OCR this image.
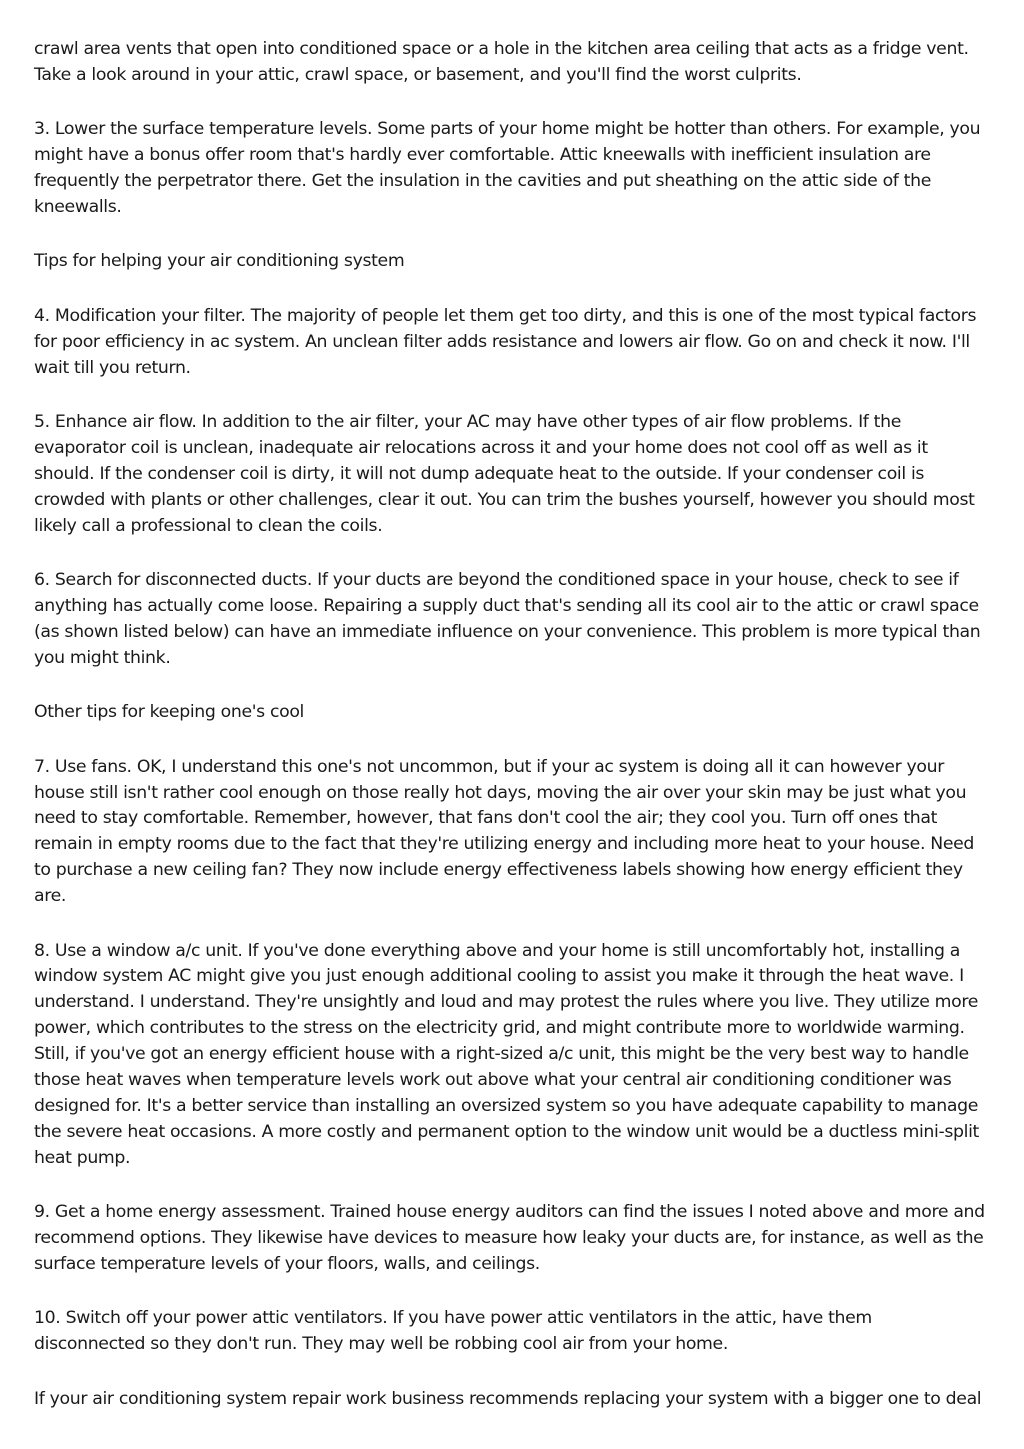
crawl area vents that open into conditioned space or a hole in the kitchen area ceiling that acts as a fridge vent. Take a look around in your attic, crawl space, or basement, and you'll find the worst culprits.

3. Lower the surface temperature levels. Some parts of your home might be hotter than others. For example, you might have a bonus offer room that's hardly ever comfortable. Attic kneewalls with inefficient insulation are frequently the perpetrator there. Get the insulation in the cavities and put sheathing on the attic side of the kneewalls.

Tips for helping your air conditioning system

4. Modification your filter. The majority of people let them get too dirty, and this is one of the most typical factors for poor efficiency in ac system. An unclean filter adds resistance and lowers air flow. Go on and check it now. I'll wait till you return.

5. Enhance air flow. In addition to the air filter, your AC may have other types of air flow problems. If the evaporator coil is unclean, inadequate air relocations across it and your home does not cool off as well as it should. If the condenser coil is dirty, it will not dump adequate heat to the outside. If your condenser coil is crowded with plants or other challenges, clear it out. You can trim the bushes yourself, however you should most likely call a professional to clean the coils.

6. Search for disconnected ducts. If your ducts are beyond the conditioned space in your house, check to see if anything has actually come loose. Repairing a supply duct that's sending all its cool air to the attic or crawl space (as shown listed below) can have an immediate influence on your convenience. This problem is more typical than you might think.

Other tips for keeping one's cool

7. Use fans. OK, I understand this one's not uncommon, but if your ac system is doing all it can however your house still isn't rather cool enough on those really hot days, moving the air over your skin may be just what you need to stay comfortable. Remember, however, that fans don't cool the air; they cool you. Turn off ones that remain in empty rooms due to the fact that they're utilizing energy and including more heat to your house. Need to purchase a new ceiling fan? They now include energy effectiveness labels showing how energy efficient they are.

8. Use a window a/c unit. If you've done everything above and your home is still uncomfortably hot, installing a window system AC might give you just enough additional cooling to assist you make it through the heat wave. I understand. I understand. They're unsightly and loud and may protest the rules where you live. They utilize more power, which contributes to the stress on the electricity grid, and might contribute more to worldwide warming. Still, if you've got an energy efficient house with a right-sized a/c unit, this might be the very best way to handle those heat waves when temperature levels work out above what your central air conditioning conditioner was designed for. It's a better service than installing an oversized system so you have adequate capability to manage the severe heat occasions. A more costly and permanent option to the window unit would be a ductless mini-split heat pump.

9. Get a home energy assessment. Trained house energy auditors can find the issues I noted above and more and recommend options. They likewise have devices to measure how leaky your ducts are, for instance, as well as the surface temperature levels of your floors, walls, and ceilings.

10. Switch off your power attic ventilators. If you have power attic ventilators in the attic, have them disconnected so they don't run. They may well be robbing cool air from your home.

If your air conditioning system repair work business recommends replacing your system with a bigger one to deal
